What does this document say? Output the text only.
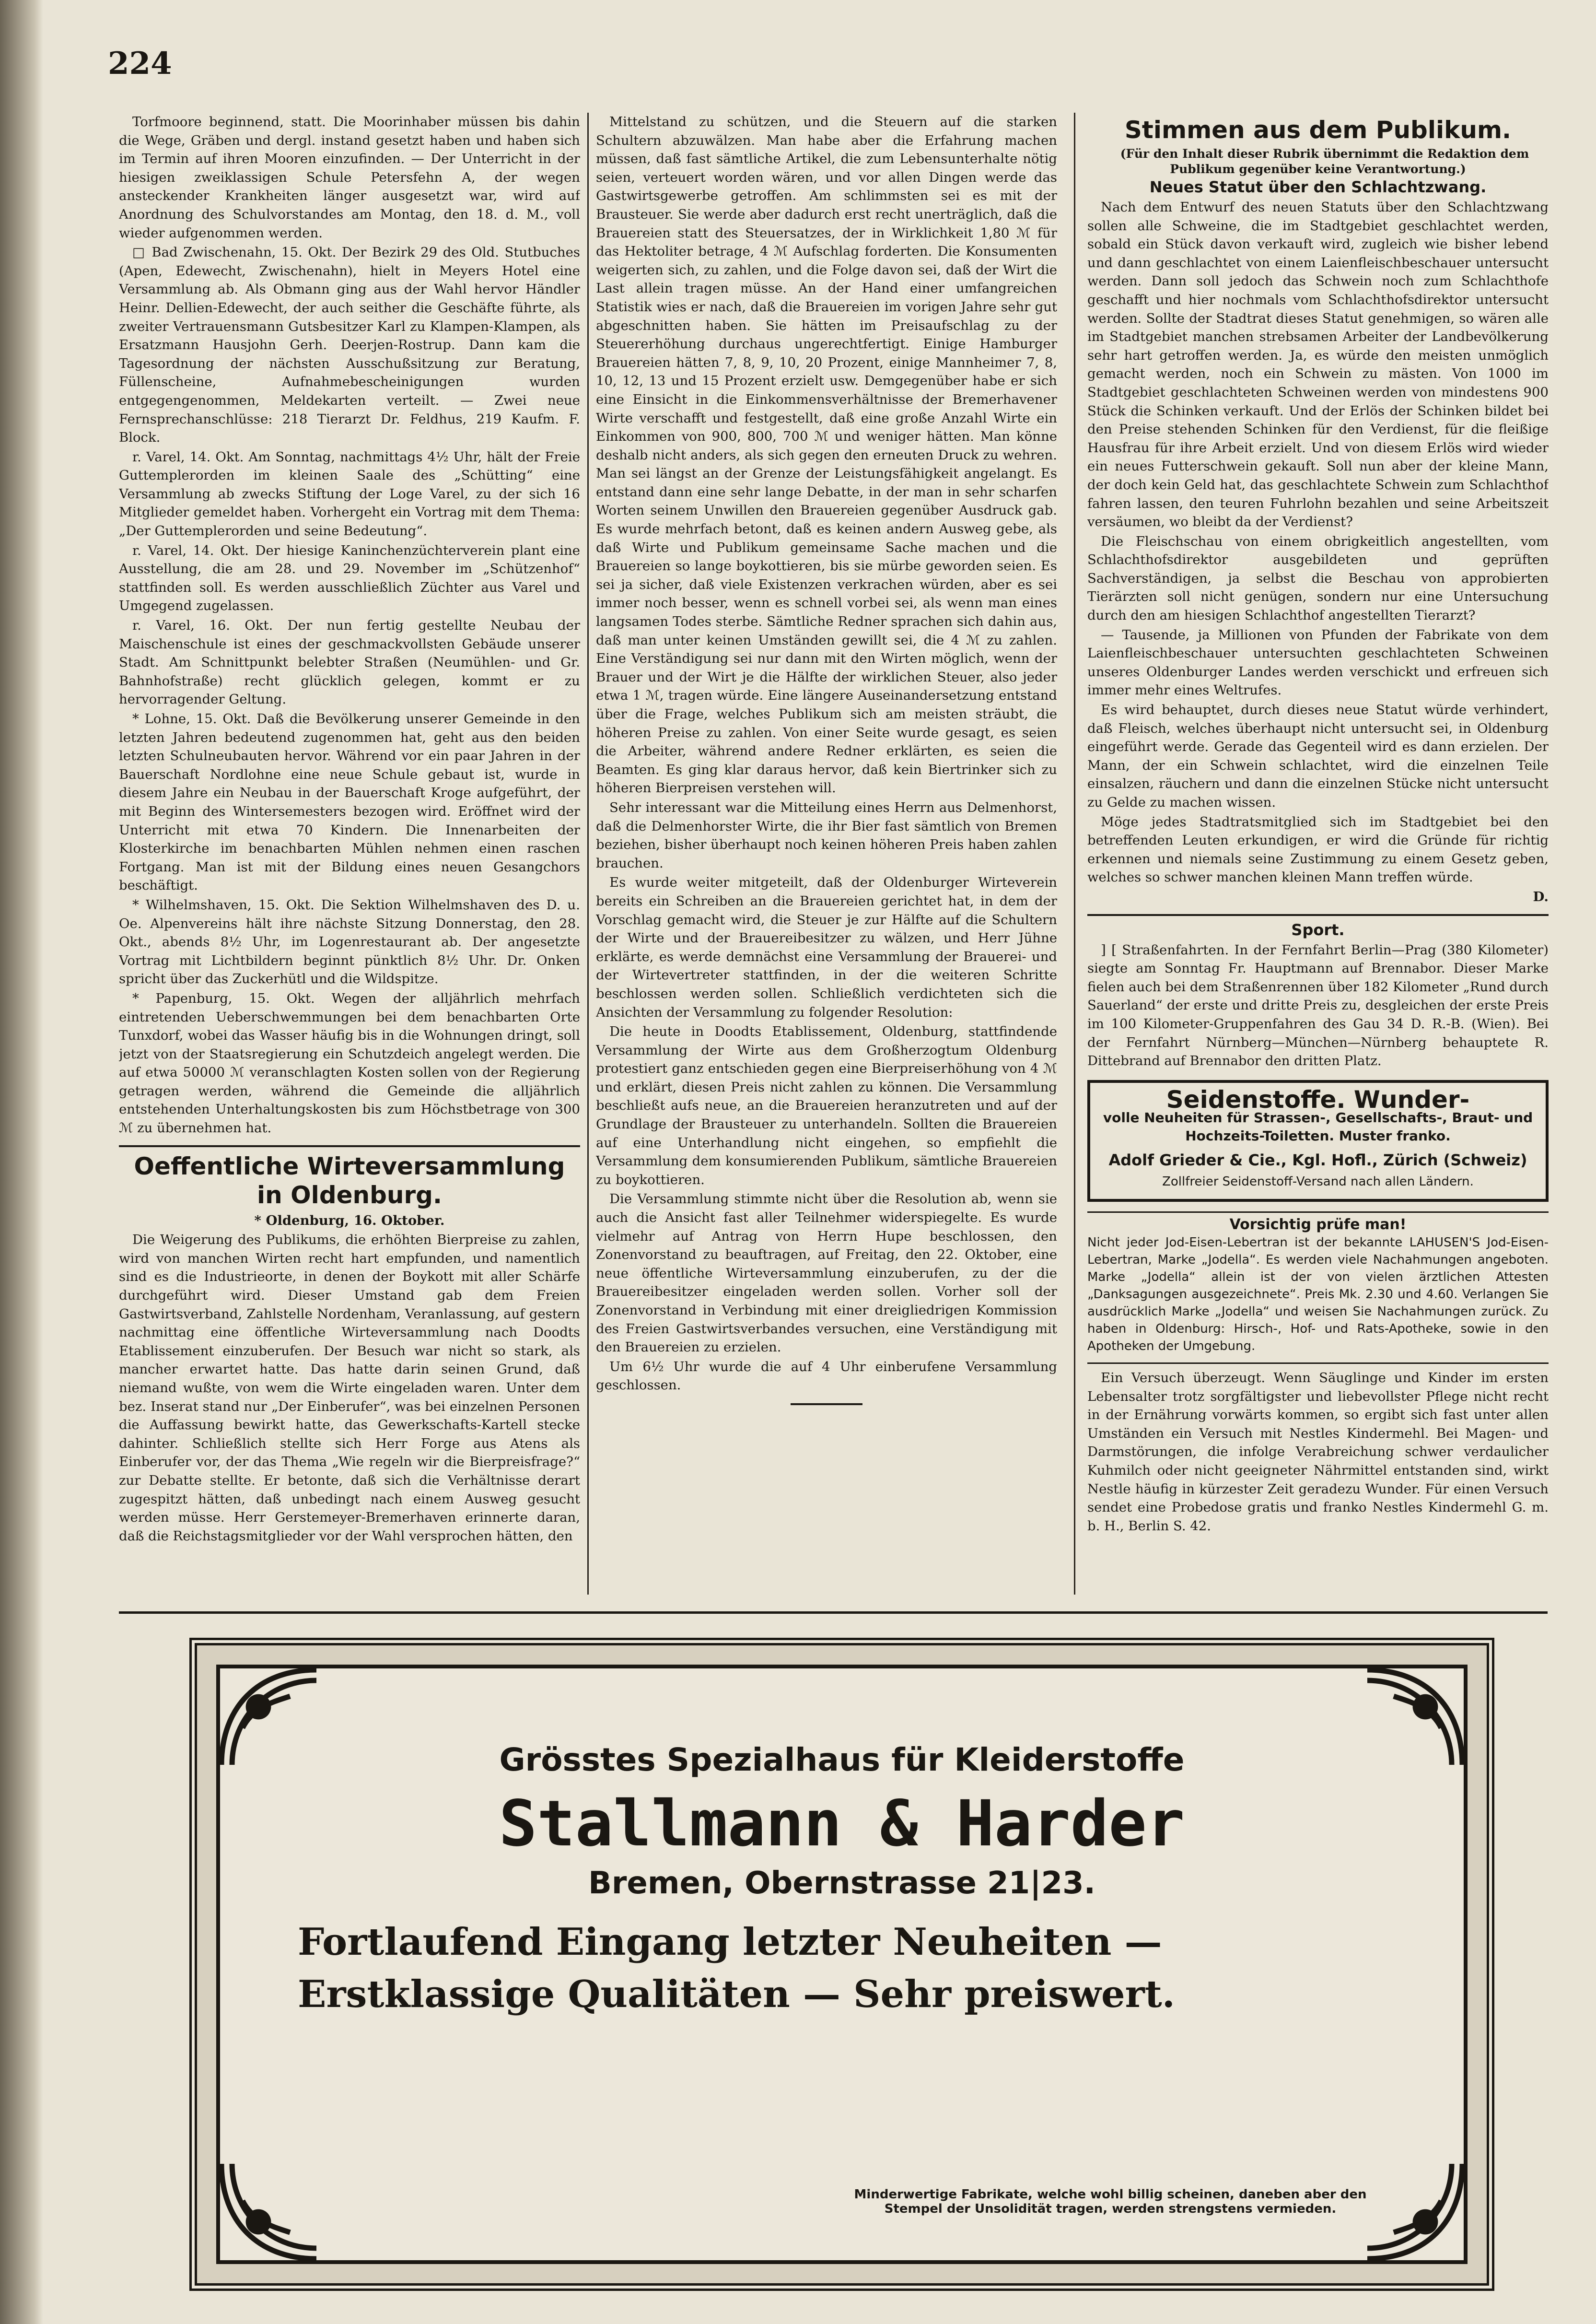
224

Torfmoore beginnend, statt. Die Moorinhaber müssen bis dahin die Wege, Gräben und dergl. instand gesetzt haben und haben sich im Termin auf ihren Mooren einzufinden. — Der Unterricht in der hiesigen zweiklassigen Schule Petersfehn A, der wegen ansteckender Krankheiten länger ausgesetzt war, wird auf Anordnung des Schulvorstandes am Montag, den 18. d. M., voll wieder aufgenommen werden.

□ Bad Zwischenahn, 15. Okt. Der Bezirk 29 des Old. Stutbuches (Apen, Edewecht, Zwischenahn), hielt in Meyers Hotel eine Versammlung ab. Als Obmann ging aus der Wahl hervor Händler Heinr. Dellien-Edewecht, der auch seither die Geschäfte führte, als zweiter Vertrauensmann Gutsbesitzer Karl zu Klampen-Klampen, als Ersatzmann Hausjohn Gerh. Deerjen-Rostrup. Dann kam die Tagesordnung der nächsten Ausschußsitzung zur Beratung, Füllenscheine, Aufnahmebescheinigungen wurden entgegengenommen, Meldekarten verteilt. — Zwei neue Fernsprechanschlüsse: 218 Tierarzt Dr. Feldhus, 219 Kaufm. F. Block.

r. Varel, 14. Okt. Am Sonntag, nachmittags 4½ Uhr, hält der Freie Guttemplerorden im kleinen Saale des „Schütting“ eine Versammlung ab zwecks Stiftung der Loge Varel, zu der sich 16 Mitglieder gemeldet haben. Vorhergeht ein Vortrag mit dem Thema: „Der Guttemplerorden und seine Bedeutung“.

r. Varel, 14. Okt. Der hiesige Kaninchenzüchterverein plant eine Ausstellung, die am 28. und 29. November im „Schützenhof“ stattfinden soll. Es werden ausschließlich Züchter aus Varel und Umgegend zugelassen.

r. Varel, 16. Okt. Der nun fertig gestellte Neubau der Maischenschule ist eines der geschmackvollsten Gebäude unserer Stadt. Am Schnittpunkt belebter Straßen (Neumühlen- und Gr. Bahnhofstraße) recht glücklich gelegen, kommt er zu hervorragender Geltung.

* Lohne, 15. Okt. Daß die Bevölkerung unserer Gemeinde in den letzten Jahren bedeutend zugenommen hat, geht aus den beiden letzten Schulneubauten hervor. Während vor ein paar Jahren in der Bauerschaft Nordlohne eine neue Schule gebaut ist, wurde in diesem Jahre ein Neubau in der Bauerschaft Kroge aufgeführt, der mit Beginn des Wintersemesters bezogen wird. Eröffnet wird der Unterricht mit etwa 70 Kindern. Die Innenarbeiten der Klosterkirche im benachbarten Mühlen nehmen einen raschen Fortgang. Man ist mit der Bildung eines neuen Gesangchors beschäftigt.

* Wilhelmshaven, 15. Okt. Die Sektion Wilhelmshaven des D. u. Oe. Alpenvereins hält ihre nächste Sitzung Donnerstag, den 28. Okt., abends 8½ Uhr, im Logenrestaurant ab. Der angesetzte Vortrag mit Lichtbildern beginnt pünktlich 8½ Uhr. Dr. Onken spricht über das Zuckerhütl und die Wildspitze.

* Papenburg, 15. Okt. Wegen der alljährlich mehrfach eintretenden Ueberschwemmungen bei dem benachbarten Orte Tunxdorf, wobei das Wasser häufig bis in die Wohnungen dringt, soll jetzt von der Staatsregierung ein Schutzdeich angelegt werden. Die auf etwa 50000 ℳ veranschlagten Kosten sollen von der Regierung getragen werden, während die Gemeinde die alljährlich entstehenden Unterhaltungskosten bis zum Höchstbetrage von 300 ℳ zu übernehmen hat.

Oeffentliche Wirteversammlung in Oldenburg.

* Oldenburg, 16. Oktober.

Die Weigerung des Publikums, die erhöhten Bierpreise zu zahlen, wird von manchen Wirten recht hart empfunden, und namentlich sind es die Industrieorte, in denen der Boykott mit aller Schärfe durchgeführt wird. Dieser Umstand gab dem Freien Gastwirtsverband, Zahlstelle Nordenham, Veranlassung, auf gestern nachmittag eine öffentliche Wirteversammlung nach Doodts Etablissement einzuberufen. Der Besuch war nicht so stark, als mancher erwartet hatte. Das hatte darin seinen Grund, daß niemand wußte, von wem die Wirte eingeladen waren. Unter dem bez. Inserat stand nur „Der Einberufer“, was bei einzelnen Personen die Auffassung bewirkt hatte, das Gewerkschafts-Kartell stecke dahinter. Schließlich stellte sich Herr Forge aus Atens als Einberufer vor, der das Thema „Wie regeln wir die Bierpreisfrage?“ zur Debatte stellte. Er betonte, daß sich die Verhältnisse derart zugespitzt hätten, daß unbedingt nach einem Ausweg gesucht werden müsse. Herr Gerstemeyer-Bremerhaven erinnerte daran, daß die Reichstagsmitglieder vor der Wahl versprochen hätten, den

Mittelstand zu schützen, und die Steuern auf die starken Schultern abzuwälzen. Man habe aber die Erfahrung machen müssen, daß fast sämtliche Artikel, die zum Lebensunterhalte nötig seien, verteuert worden wären, und vor allen Dingen werde das Gastwirtsgewerbe getroffen. Am schlimmsten sei es mit der Brausteuer. Sie werde aber dadurch erst recht unerträglich, daß die Brauereien statt des Steuersatzes, der in Wirklichkeit 1,80 ℳ für das Hektoliter betrage, 4 ℳ Aufschlag forderten. Die Konsumenten weigerten sich, zu zahlen, und die Folge davon sei, daß der Wirt die Last allein tragen müsse. An der Hand einer umfangreichen Statistik wies er nach, daß die Brauereien im vorigen Jahre sehr gut abgeschnitten haben. Sie hätten im Preisaufschlag zu der Steuererhöhung durchaus ungerechtfertigt. Einige Hamburger Brauereien hätten 7, 8, 9, 10, 20 Prozent, einige Mannheimer 7, 8, 10, 12, 13 und 15 Prozent erzielt usw. Demgegenüber habe er sich eine Einsicht in die Einkommensverhältnisse der Bremerhavener Wirte verschafft und festgestellt, daß eine große Anzahl Wirte ein Einkommen von 900, 800, 700 ℳ und weniger hätten. Man könne deshalb nicht anders, als sich gegen den erneuten Druck zu wehren. Man sei längst an der Grenze der Leistungsfähigkeit angelangt. Es entstand dann eine sehr lange Debatte, in der man in sehr scharfen Worten seinem Unwillen den Brauereien gegenüber Ausdruck gab. Es wurde mehrfach betont, daß es keinen andern Ausweg gebe, als daß Wirte und Publikum gemeinsame Sache machen und die Brauereien so lange boykottieren, bis sie mürbe geworden seien. Es sei ja sicher, daß viele Existenzen verkrachen würden, aber es sei immer noch besser, wenn es schnell vorbei sei, als wenn man eines langsamen Todes sterbe. Sämtliche Redner sprachen sich dahin aus, daß man unter keinen Umständen gewillt sei, die 4 ℳ zu zahlen. Eine Verständigung sei nur dann mit den Wirten möglich, wenn der Brauer und der Wirt je die Hälfte der wirklichen Steuer, also jeder etwa 1 ℳ, tragen würde. Eine längere Auseinandersetzung entstand über die Frage, welches Publikum sich am meisten sträubt, die höheren Preise zu zahlen. Von einer Seite wurde gesagt, es seien die Arbeiter, während andere Redner erklärten, es seien die Beamten. Es ging klar daraus hervor, daß kein Biertrinker sich zu höheren Bierpreisen verstehen will.

Sehr interessant war die Mitteilung eines Herrn aus Delmenhorst, daß die Delmenhorster Wirte, die ihr Bier fast sämtlich von Bremen beziehen, bisher überhaupt noch keinen höheren Preis haben zahlen brauchen.

Es wurde weiter mitgeteilt, daß der Oldenburger Wirteverein bereits ein Schreiben an die Brauereien gerichtet hat, in dem der Vorschlag gemacht wird, die Steuer je zur Hälfte auf die Schultern der Wirte und der Brauereibesitzer zu wälzen, und Herr Jühne erklärte, es werde demnächst eine Versammlung der Brauerei- und der Wirtevertreter stattfinden, in der die weiteren Schritte beschlossen werden sollen. Schließlich verdichteten sich die Ansichten der Versammlung zu folgender Resolution:

Die heute in Doodts Etablissement, Oldenburg, stattfindende Versammlung der Wirte aus dem Großherzogtum Oldenburg protestiert ganz entschieden gegen eine Bierpreiserhöhung von 4 ℳ und erklärt, diesen Preis nicht zahlen zu können. Die Versammlung beschließt aufs neue, an die Brauereien heranzutreten und auf der Grundlage der Brausteuer zu unterhandeln. Sollten die Brauereien auf eine Unterhandlung nicht eingehen, so empfiehlt die Versammlung dem konsumierenden Publikum, sämtliche Brauereien zu boykottieren.

Die Versammlung stimmte nicht über die Resolution ab, wenn sie auch die Ansicht fast aller Teilnehmer widerspiegelte. Es wurde vielmehr auf Antrag von Herrn Hupe beschlossen, den Zonenvorstand zu beauftragen, auf Freitag, den 22. Oktober, eine neue öffentliche Wirteversammlung einzuberufen, zu der die Brauereibesitzer eingeladen werden sollen. Vorher soll der Zonenvorstand in Verbindung mit einer dreigliedrigen Kommission des Freien Gastwirtsverbandes versuchen, eine Verständigung mit den Brauereien zu erzielen.

Um 6½ Uhr wurde die auf 4 Uhr einberufene Versammlung geschlossen.

Stimmen aus dem Publikum.

(Für den Inhalt dieser Rubrik übernimmt die Redaktion dem Publikum gegenüber keine Verantwortung.)

Neues Statut über den Schlachtzwang.

Nach dem Entwurf des neuen Statuts über den Schlachtzwang sollen alle Schweine, die im Stadtgebiet geschlachtet werden, sobald ein Stück davon verkauft wird, zugleich wie bisher lebend und dann geschlachtet von einem Laienfleischbeschauer untersucht werden. Dann soll jedoch das Schwein noch zum Schlachthofe geschafft und hier nochmals vom Schlachthofsdirektor untersucht werden. Sollte der Stadtrat dieses Statut genehmigen, so wären alle im Stadtgebiet manchen strebsamen Arbeiter der Landbevölkerung sehr hart getroffen werden. Ja, es würde den meisten unmöglich gemacht werden, noch ein Schwein zu mästen. Von 1000 im Stadtgebiet geschlachteten Schweinen werden von mindestens 900 Stück die Schinken verkauft. Und der Erlös der Schinken bildet bei den Preise stehenden Schinken für den Verdienst, für die fleißige Hausfrau für ihre Arbeit erzielt. Und von diesem Erlös wird wieder ein neues Futterschwein gekauft. Soll nun aber der kleine Mann, der doch kein Geld hat, das geschlachtete Schwein zum Schlachthof fahren lassen, den teuren Fuhrlohn bezahlen und seine Arbeitszeit versäumen, wo bleibt da der Verdienst?

Die Fleischschau von einem obrigkeitlich angestellten, vom Schlachthofsdirektor ausgebildeten und geprüften Sachverständigen, ja selbst die Beschau von approbierten Tierärzten soll nicht genügen, sondern nur eine Untersuchung durch den am hiesigen Schlachthof angestellten Tierarzt?

— Tausende, ja Millionen von Pfunden der Fabrikate von dem Laienfleischbeschauer untersuchten geschlachteten Schweinen unseres Oldenburger Landes werden verschickt und erfreuen sich immer mehr eines Weltrufes.

Es wird behauptet, durch dieses neue Statut würde verhindert, daß Fleisch, welches überhaupt nicht untersucht sei, in Oldenburg eingeführt werde. Gerade das Gegenteil wird es dann erzielen. Der Mann, der ein Schwein schlachtet, wird die einzelnen Teile einsalzen, räuchern und dann die einzelnen Stücke nicht untersucht zu Gelde zu machen wissen.

Möge jedes Stadtratsmitglied sich im Stadtgebiet bei den betreffenden Leuten erkundigen, er wird die Gründe für richtig erkennen und niemals seine Zustimmung zu einem Gesetz geben, welches so schwer manchen kleinen Mann treffen würde.

D.

Sport.

] [ Straßenfahrten. In der Fernfahrt Berlin—Prag (380 Kilometer) siegte am Sonntag Fr. Hauptmann auf Brennabor. Dieser Marke fielen auch bei dem Straßenrennen über 182 Kilometer „Rund durch Sauerland“ der erste und dritte Preis zu, desgleichen der erste Preis im 100 Kilometer-Gruppenfahren des Gau 34 D. R.-B. (Wien). Bei der Fernfahrt Nürnberg—München—Nürnberg behauptete R. Dittebrand auf Brennabor den dritten Platz.

Seidenstoffe. Wunder-
volle Neuheiten für Strassen-, Gesellschafts-, Braut- und Hochzeits-Toiletten. Muster franko.
Adolf Grieder & Cie., Kgl. Hofl., Zürich (Schweiz)
Zollfreier Seidenstoff-Versand nach allen Ländern.
Vorsichtig prüfe man!

Nicht jeder Jod-Eisen-Lebertran ist der bekannte LAHUSEN'S Jod-Eisen-Lebertran, Marke „Jodella“. Es werden viele Nachahmungen angeboten. Marke „Jodella“ allein ist der von vielen ärztlichen Attesten „Danksagungen ausgezeichnete“. Preis Mk. 2.30 und 4.60. Verlangen Sie ausdrücklich Marke „Jodella“ und weisen Sie Nachahmungen zurück. Zu haben in Oldenburg: Hirsch-, Hof- und Rats-Apotheke, sowie in den Apotheken der Umgebung.

Ein Versuch überzeugt. Wenn Säuglinge und Kinder im ersten Lebensalter trotz sorgfältigster und liebevollster Pflege nicht recht in der Ernährung vorwärts kommen, so ergibt sich fast unter allen Umständen ein Versuch mit Nestles Kindermehl. Bei Magen- und Darmstörungen, die infolge Verabreichung schwer verdaulicher Kuhmilch oder nicht geeigneter Nährmittel entstanden sind, wirkt Nestle häufig in kürzester Zeit geradezu Wunder. Für einen Versuch sendet eine Probedose gratis und franko Nestles Kindermehl G. m. b. H., Berlin S. 42.

Grösstes Spezialhaus für Kleiderstoffe
Stallmann & Harder
Bremen, Obernstrasse 21|23.
Fortlaufend Eingang letzter Neuheiten —
Erstklassige Qualitäten — Sehr preiswert.
Minderwertige Fabrikate, welche wohl billig scheinen, daneben aber den Stempel der Unsolidität tragen, werden strengstens vermieden.
